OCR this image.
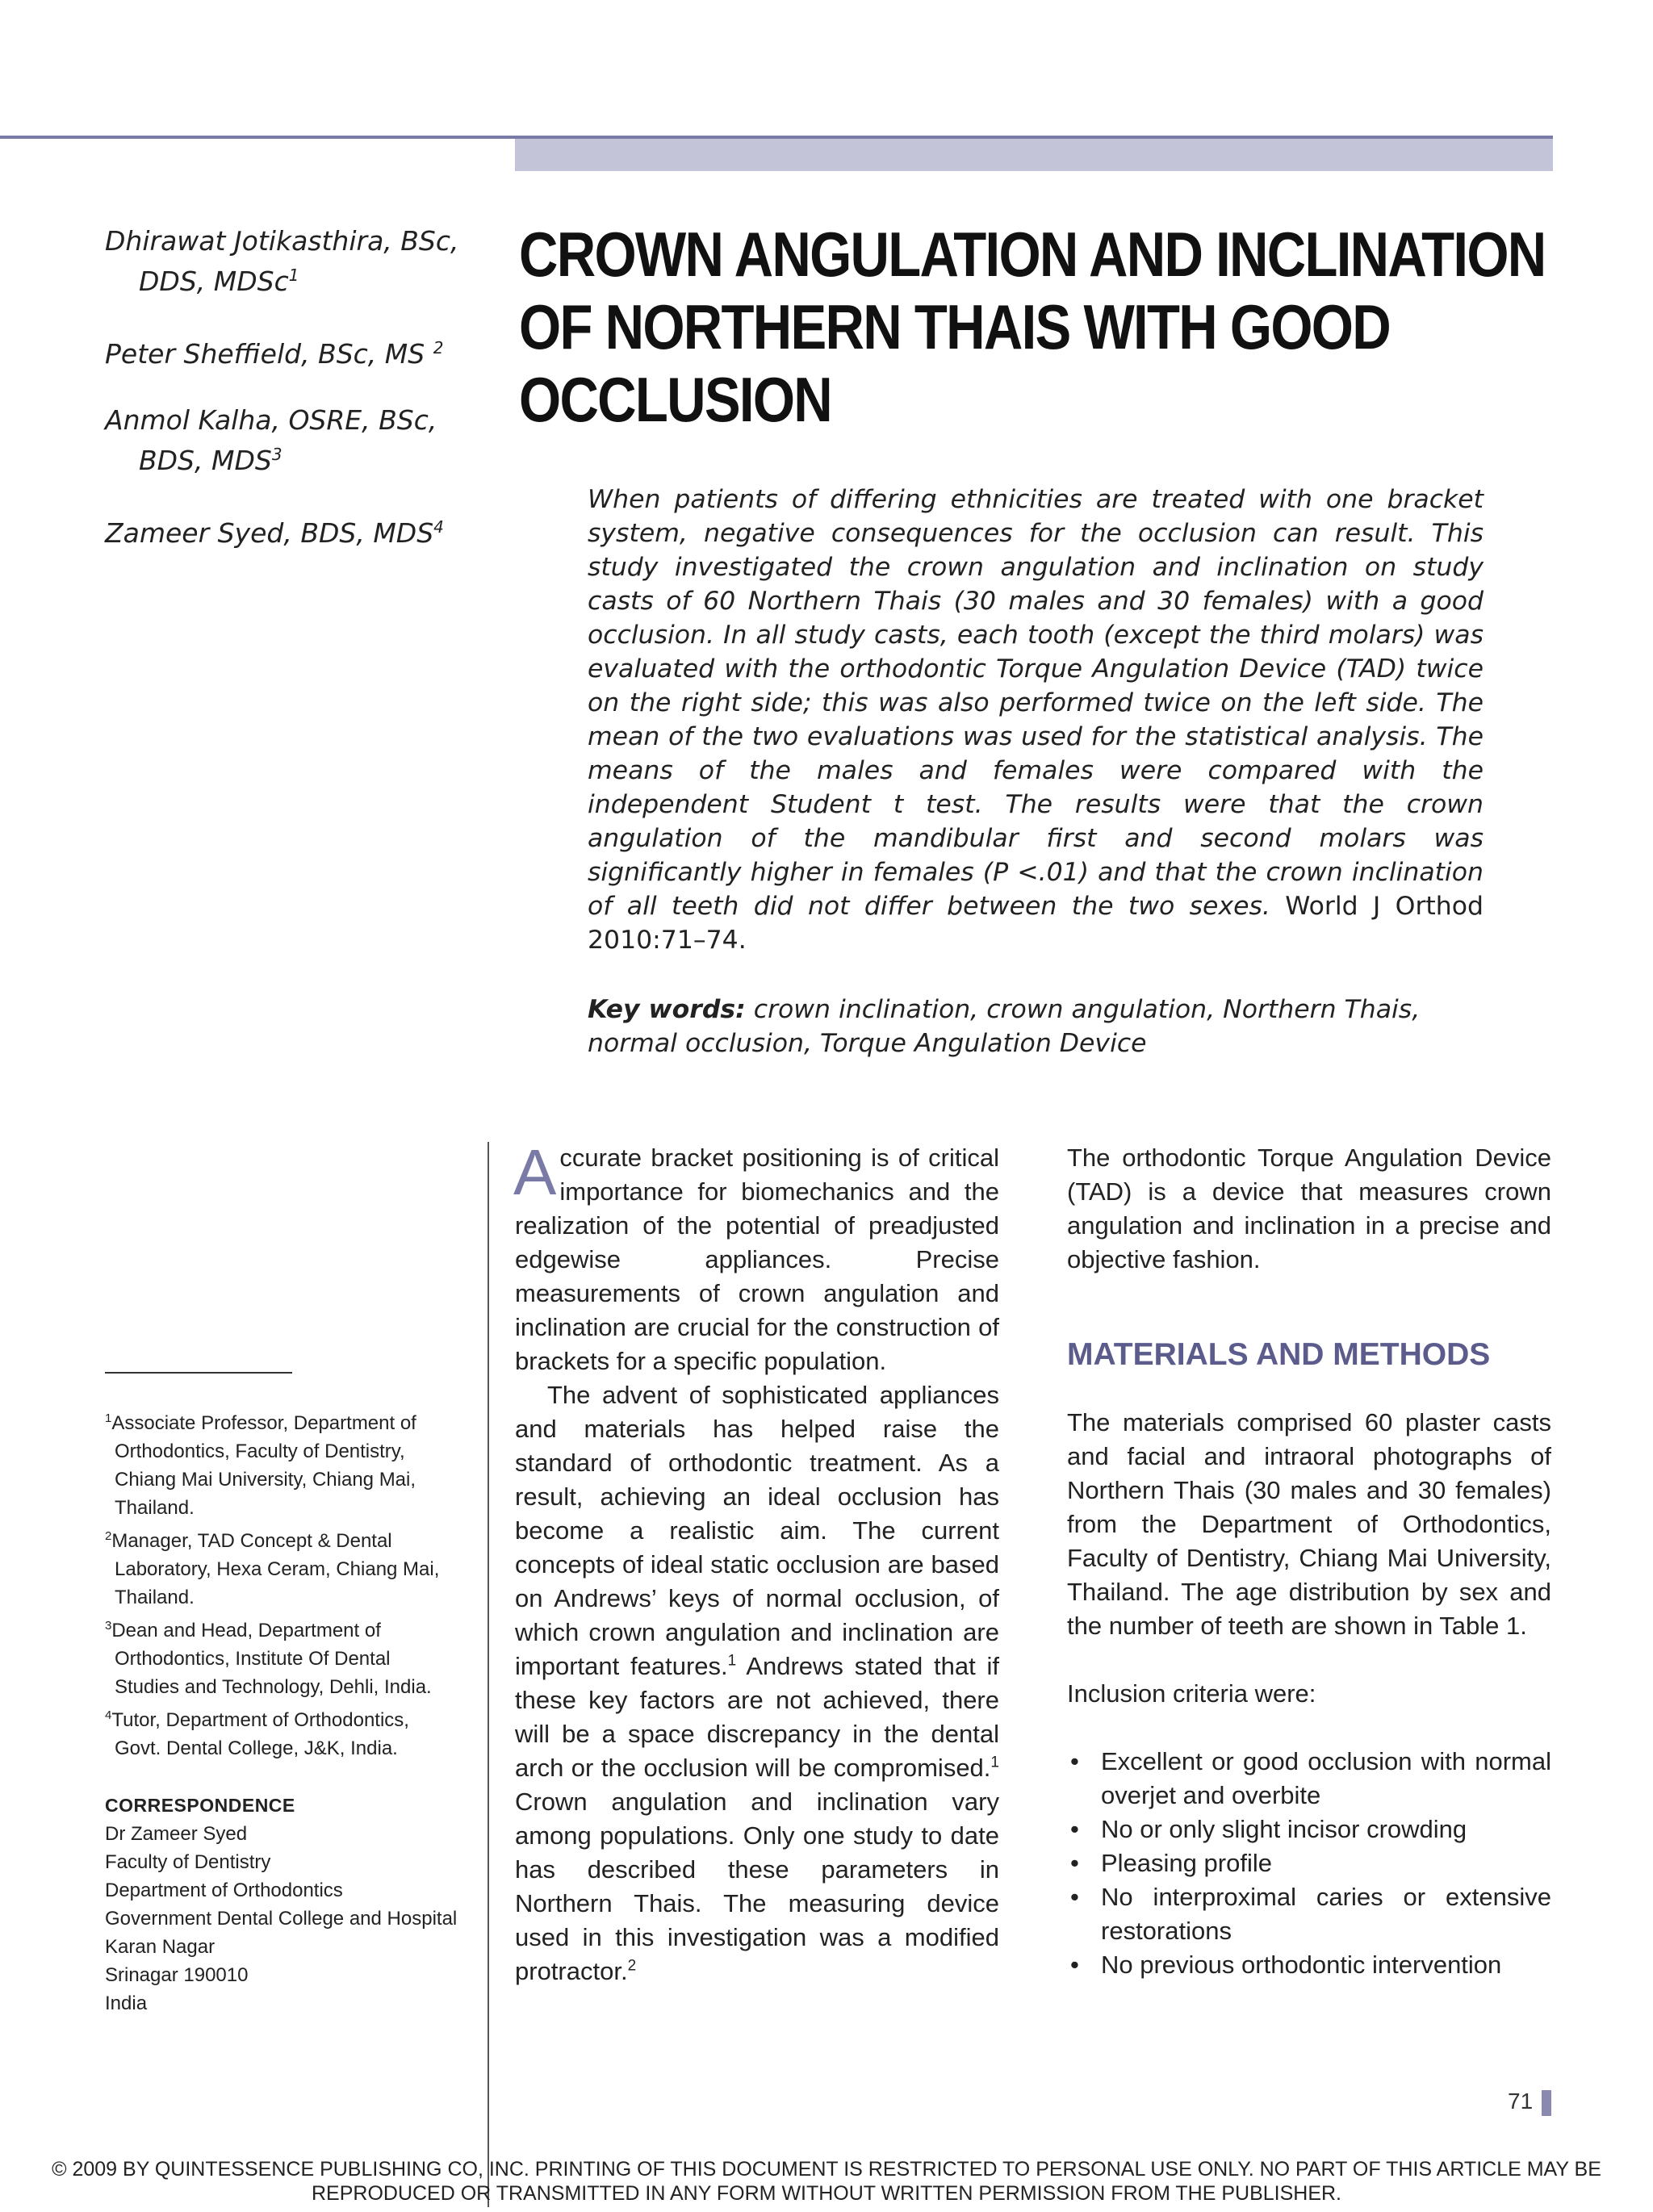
Dhirawat Jotikasthira, BSc, DDS, MDSc$^1$
Peter Sheffield, BSc, MS $^2$
Anmol Kalha, OSRE, BSc, BDS, MDS$^3$
Zameer Syed, BDS, MDS$^4$
CROWN ANGULATION AND INCLINATION OF NORTHERN THAIS WITH GOOD OCCLUSION
When patients of differing ethnicities are treated with one bracket system, negative consequences for the occlusion can result. This study investigated the crown angulation and inclination on study casts of 60 Northern Thais (30 males and 30 females) with a good occlusion. In all study casts, each tooth (except the third molars) was evaluated with the orthodontic Torque Angulation Device (TAD) twice on the right side; this was also performed twice on the left side. The mean of the two evaluations was used for the statistical analysis. The means of the males and females were compared with the independent Student t test. The results were that the crown angulation of the mandibular first and second molars was significantly higher in females (P <.01) and that the crown inclination of all teeth did not differ between the two sexes. World J Orthod 2010:71–74.
Key words: crown inclination, crown angulation, Northern Thais, normal occlusion, Torque Angulation Device
$^1$Associate Professor, Department of Orthodontics, Faculty of Dentistry, Chiang Mai University, Chiang Mai, Thailand.
$^2$Manager, TAD Concept & Dental Laboratory, Hexa Ceram, Chiang Mai, Thailand.
$^3$Dean and Head, Department of Orthodontics, Institute Of Dental Studies and Technology, Dehli, India.
$^4$Tutor, Department of Orthodontics, Govt. Dental College, J&K, India.
CORRESPONDENCE
Dr Zameer Syed
Faculty of Dentistry
Department of Orthodontics
Government Dental College and Hospital
Karan Nagar
Srinagar 190010
India

Accurate bracket positioning is of critical importance for biomechanics and the realization of the potential of preadjusted edgewise appliances. Precise measurements of crown angulation and inclination are crucial for the construction of brackets for a specific population.

The advent of sophisticated appliances and materials has helped raise the standard of orthodontic treatment. As a result, achieving an ideal occlusion has become a realistic aim. The current concepts of ideal static occlusion are based on Andrews’ keys of normal occlusion, of which crown angulation and inclination are important features.$^1$ Andrews stated that if these key factors are not achieved, there will be a space discrepancy in the dental arch or the occlusion will be compromised.$^1$ Crown angulation and inclination vary among populations. Only one study to date has described these parameters in Northern Thais. The measuring device used in this investigation was a modified protractor.$^2$

The orthodontic Torque Angulation Device (TAD) is a device that measures crown angulation and inclination in a precise and objective fashion.

MATERIALS AND METHODS

The materials comprised 60 plaster casts and facial and intraoral photographs of Northern Thais (30 males and 30 females) from the Department of Orthodontics, Faculty of Dentistry, Chiang Mai University, Thailand. The age distribution by sex and the number of teeth are shown in Table 1.

Inclusion criteria were:

• Excellent or good occlusion with normal overjet and overbite
• No or only slight incisor crowding
• Pleasing profile
• No interproximal caries or extensive restorations
• No previous orthodontic intervention
71
© 2009 BY QUINTESSENCE PUBLISHING CO, INC. PRINTING OF THIS DOCUMENT IS RESTRICTED TO PERSONAL USE ONLY. NO PART OF THIS ARTICLE MAY BE REPRODUCED OR TRANSMITTED IN ANY FORM WITHOUT WRITTEN PERMISSION FROM THE PUBLISHER.
